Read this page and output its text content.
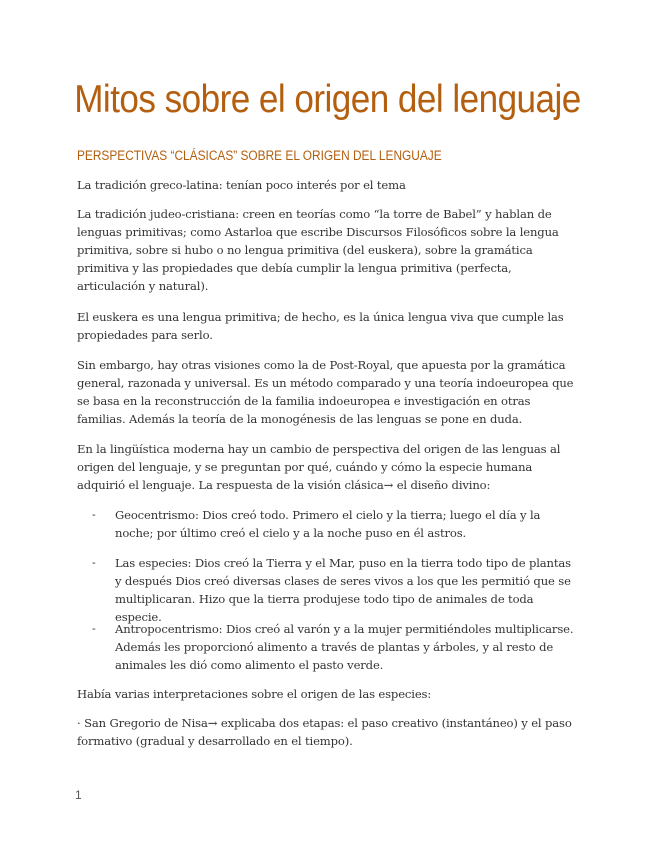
Mitos sobre el origen del lenguaje
PERSPECTIVAS “CLÁSICAS” SOBRE EL ORIGEN DEL LENGUAJE

La tradición greco-latina: tenían poco interés por el tema

La tradición judeo-cristiana: creen en teorías como “la torre de Babel” y hablan de lenguas primitivas; como Astarloa que escribe Discursos Filosóficos sobre la lengua primitiva, sobre si hubo o no lengua primitiva (del euskera), sobre la gramática primitiva y las propiedades que debía cumplir la lengua primitiva (perfecta, articulación y natural).

El euskera es una lengua primitiva; de hecho, es la única lengua viva que cumple las propiedades para serlo.

Sin embargo, hay otras visiones como la de Post-Royal, que apuesta por la gramática general, razonada y universal. Es un método comparado y una teoría indoeuropea que se basa en la reconstrucción de la familia indoeuropea e investigación en otras familias. Además la teoría de la monogénesis de las lenguas se pone en duda.

En la lingüística moderna hay un cambio de perspectiva del origen de las lenguas al origen del lenguaje, y se preguntan por qué, cuándo y cómo la especie humana adquirió el lenguaje. La respuesta de la visión clásica→ el diseño divino:

- Geocentrismo: Dios creó todo. Primero el cielo y la tierra; luego el día y la noche; por último creó el cielo y a la noche puso en él astros.
- Las especies: Dios creó la Tierra y el Mar, puso en la tierra todo tipo de plantas y después Dios creó diversas clases de seres vivos a los que les permitió que se multiplicaran. Hizo que la tierra produjese todo tipo de animales de toda especie.
- Antropocentrismo: Dios creó al varón y a la mujer permitiéndoles multiplicarse. Además les proporcionó alimento a través de plantas y árboles, y al resto de animales les dió como alimento el pasto verde.

Había varias interpretaciones sobre el origen de las especies:

· San Gregorio de Nisa→ explicaba dos etapas: el paso creativo (instantáneo) y el paso formativo (gradual y desarrollado en el tiempo).

1
